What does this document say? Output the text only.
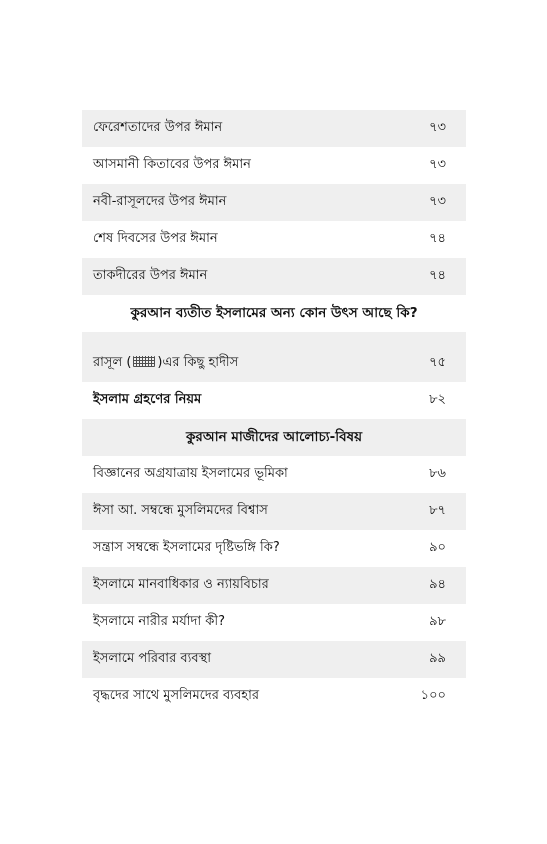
ফেরেশতাদের উপর ঈমান	৭৩
আসমানী কিতাবের উপর ঈমান	৭৩
নবী-রাসূলদের উপর ঈমান	৭৩
শেষ দিবসের উপর ঈমান	৭৪
তাকদীরের উপর ঈমান	৭৪
কুরআন ব্যতীত ইসলামের অন্য কোন উৎস আছে কি?
রাসূল ( )এর কিছু হাদীস	৭৫
ইসলাম গ্রহণের নিয়ম	৮২
কুরআন মাজীদের আলোচ্য-বিষয়
বিজ্ঞানের অগ্রযাত্রায় ইসলামের ভূমিকা	৮৬
ঈসা আ. সম্বন্ধে মুসলিমদের বিশ্বাস	৮৭
সন্ত্রাস সম্বন্ধে ইসলামের দৃষ্টিভঙ্গি কি?	৯০
ইসলামে মানবাধিকার ও ন্যায়বিচার	৯৪
ইসলামে নারীর মর্যাদা কী?	৯৮
ইসলামে পরিবার ব্যবস্থা	৯৯
বৃদ্ধদের সাথে মুসলিমদের ব্যবহার	১০০
